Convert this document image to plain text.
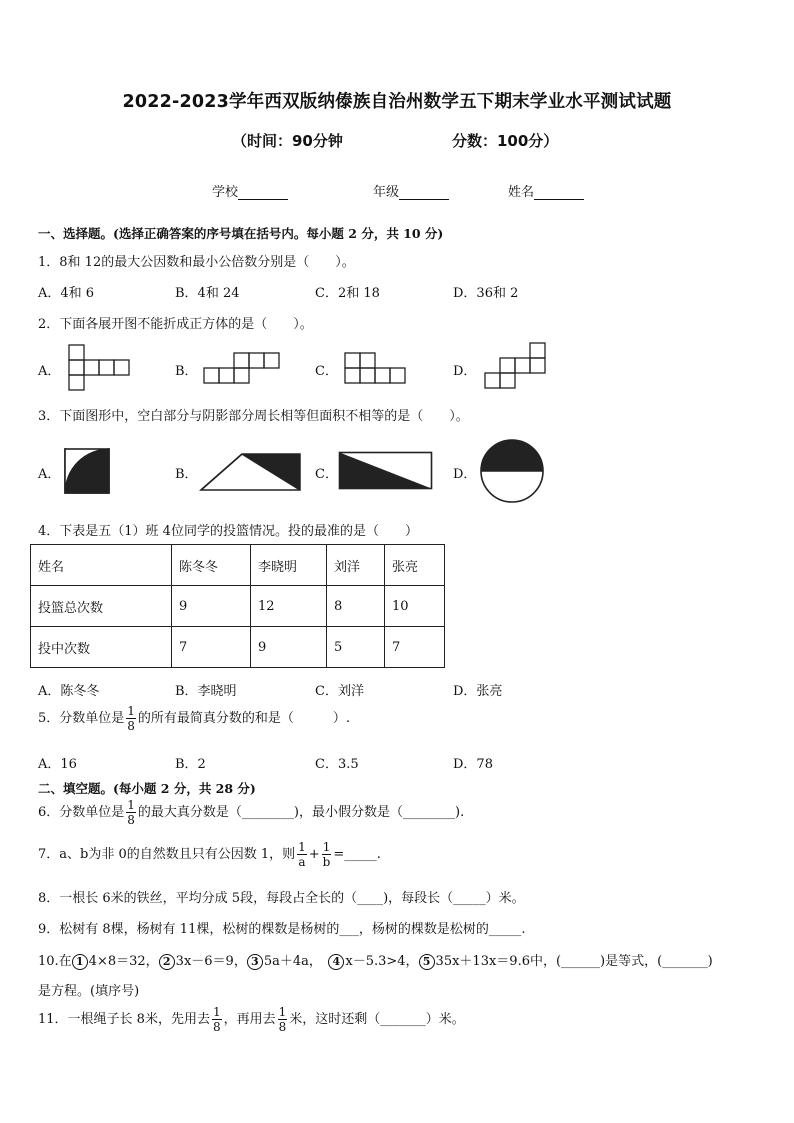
2022-2023学年西双版纳傣族自治州数学五下期末学业水平测试试题
（时间：90分钟	分数：100分）
学校	年级	姓名
一、选择题。(选择正确答案的序号填在括号内。每小题 2 分，共 10 分)
1．8和 12的最大公因数和最小公倍数分别是（　　）。
A．4和 6	B．4和 24	C．2和 18	D．36和 2
2．下面各展开图不能折成正方体的是（　　）。
A．	B．	C．	D．
3．下面图形中，空白部分与阴影部分周长相等但面积不相等的是（　　）。
A．	B．	C．	D．
4．下表是五（1）班 4位同学的投篮情况。投的最准的是（　　）
姓名	陈冬冬	李晓明	刘洋	张亮
投篮总次数	9	12	8	10
投中次数	7	9	5	7
A．陈冬冬	B．李晓明	C．刘洋	D．张亮
5．分数单位是 $\frac{1}{8}$ 的所有最简真分数的和是（　　　）.
A．16	B．2	C．3.5	D．78
二、填空题。(每小题 2 分，共 28 分)
6．分数单位是 $\frac{1}{8}$ 的最大真分数是（________)，最小假分数是（________).
7．a、b为非 0的自然数且只有公因数 1，则 $\frac{1}{a} + \frac{1}{b}$ =_____.
8．一根长 6米的铁丝，平均分成 5段，每段占全长的（____)，每段长（_____）米。
9．松树有 8棵，杨树有 11棵，松树的棵数是杨树的___，杨树的棵数是松树的_____.
10.在 1 4×8＝32， 2 3x－6＝9， 3 5a＋4a，　4 x－5.3>4， 5 35x＋13x＝9.6中，(______)是等式，(_______)
是方程。(填序号)
11．一根绳子长 8米，先用去 $\frac{1}{8}$ ，再用去 $\frac{1}{8}$ 米，这时还剩（_______）米。
